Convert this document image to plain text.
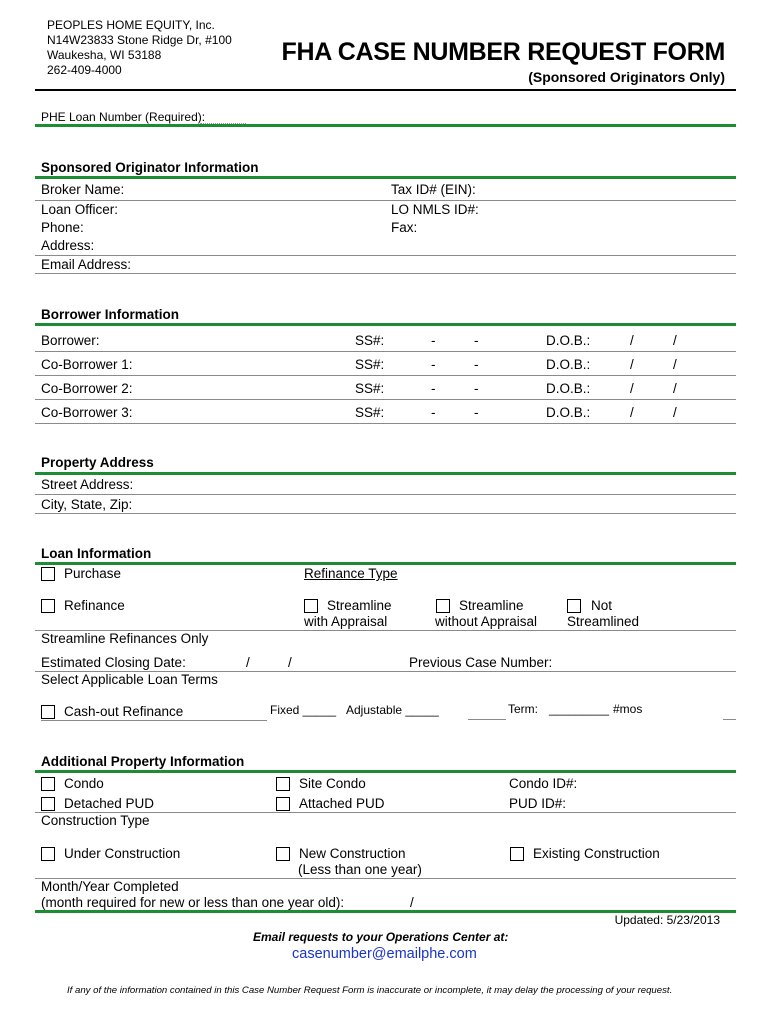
PEOPLES HOME EQUITY, Inc.
N14W23833 Stone Ridge Dr, #100
Waukesha, WI 53188
262-409-4000
FHA CASE NUMBER REQUEST FORM
(Sponsored Originators Only)
PHE Loan Number (Required):
Sponsored Originator Information
Broker Name:	Tax ID# (EIN):
Loan Officer:	LO NMLS ID#:
Phone:	Fax:
Address:
Email Address:
Borrower Information
Borrower:	SS#:	-	-	D.O.B.:	/	/
Co-Borrower 1:	SS#:	-	-	D.O.B.:	/	/
Co-Borrower 2:	SS#:	-	-	D.O.B.:	/	/
Co-Borrower 3:	SS#:	-	-	D.O.B.:	/	/
Property Address
Street Address:
City, State, Zip:
Loan Information
Purchase	Refinance Type
Refinance	Streamline
with Appraisal
Streamline
without Appraisal
Not
Streamlined
Streamline Refinances Only
Estimated Closing Date:	/	/	Previous Case Number:
Select Applicable Loan Terms
Cash-out Refinance	Fixed _____ Adjustable _____	Term: _________ #mos
Additional Property Information
Condo	Site Condo	Condo ID#:
Detached PUD	Attached PUD	PUD ID#:
Construction Type
Under Construction	New Construction
(Less than one year)
Existing Construction
Month/Year Completed
(month required for new or less than one year old):	/
Updated: 5/23/2013
Email requests to your Operations Center at:
casenumber@emailphe.com
If any of the information contained in this Case Number Request Form is inaccurate or incomplete, it may delay the processing of your request.
